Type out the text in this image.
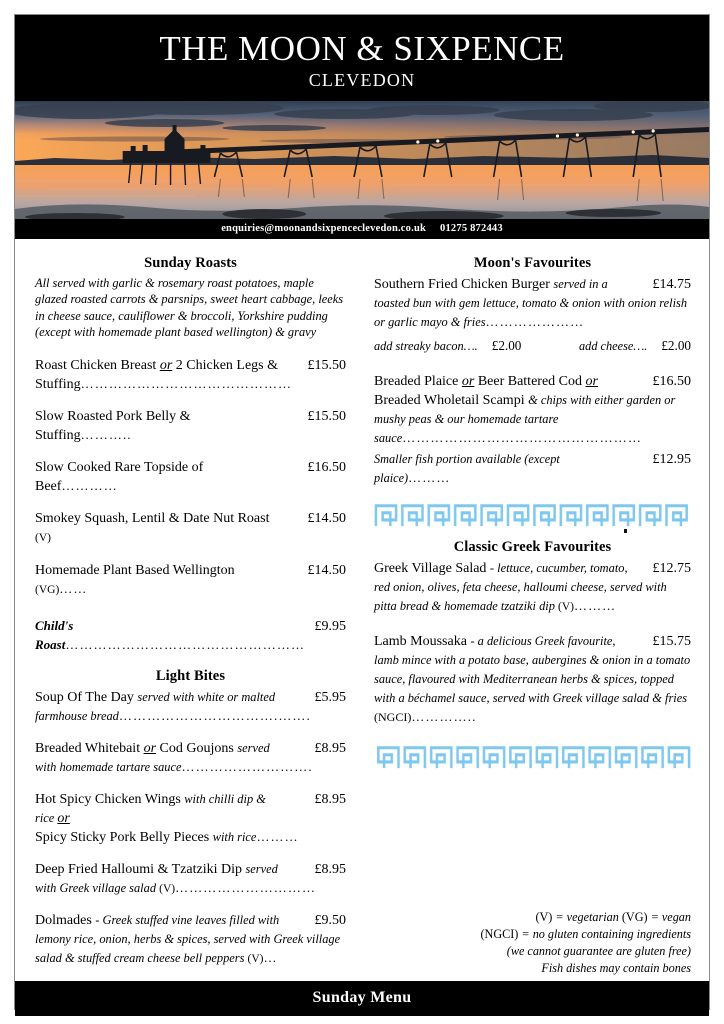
THE MOON & SIXPENCE
CLEVEDON
enquiries@moonandsixpenceclevedon.co.uk 01275 872443
Sunday Roasts

All served with garlic & rosemary roast potatoes, maple glazed roasted carrots & parsnips, sweet heart cabbage, leeks in cheese sauce, cauliflower & broccoli, Yorkshire pudding (except with homemade plant based wellington) & gravy

£15.50
Roast Chicken Breast or 2 Chicken Legs & Stuffing………………………………………
£15.50
Slow Roasted Pork Belly & Stuffing………..
£16.50
Slow Cooked Rare Topside of Beef…………
£14.50
Smokey Squash, Lentil & Date Nut Roast (V)
£14.50
Homemade Plant Based Wellington (VG)……
£9.95
Child's Roast……………………………………………
Light Bites
£5.95
Soup Of The Day served with white or malted farmhouse bread…………………………….…….
£8.95
Breaded Whitebait or Cod Goujons served with homemade tartare sauce……………………….
£8.95
Hot Spicy Chicken Wings with chilli dip & rice or
Spicy Sticky Pork Belly Pieces with rice………
£8.95
Deep Fried Halloumi & Tzatziki Dip served with Greek village salad (V)…………………………
£9.50
Dolmades - Greek stuffed vine leaves filled with lemony rice, onion, herbs & spices, served with Greek village salad & stuffed cream cheese bell peppers (V)…
Moon's Favourites
£14.75
Southern Fried Chicken Burger served in a toasted bun with gem lettuce, tomato & onion with onion relish or garlic mayo & fries…………………
add streaky bacon…. £2.00	add cheese…. £2.00
£16.50
Breaded Plaice or Beer Battered Cod or Breaded Wholetail Scampi & chips with either garden or mushy peas & our homemade tartare sauce……………………………………………
£12.95
Smaller fish portion available (except plaice)………
Classic Greek Favourites
£12.75
Greek Village Salad - lettuce, cucumber, tomato, red onion, olives, feta cheese, halloumi cheese, served with pitta bread & homemade tzatziki dip (V)………
£15.75
Lamb Moussaka - a delicious Greek favourite, lamb mince with a potato base, aubergines & onion in a tomato sauce, flavoured with Mediterranean herbs & spices, topped with a béchamel sauce, served with Greek village salad & fries (NGCI)…………..
(V) = vegetarian (VG) = vegan
(NGCI) = no gluten containing ingredients
(we cannot guarantee are gluten free)
Fish dishes may contain bones
Sunday Menu
